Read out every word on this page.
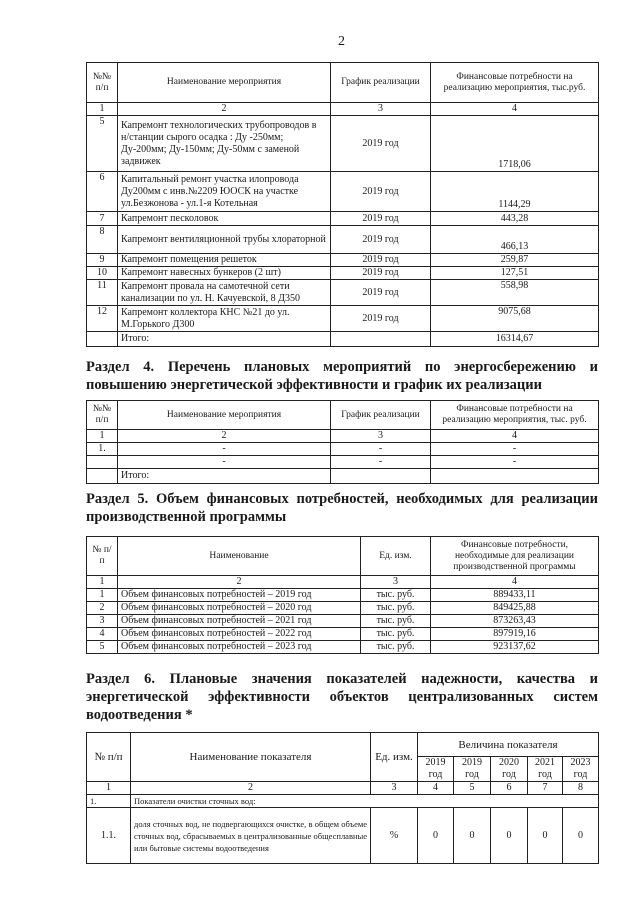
2
№№ п/п	Наименование мероприятия	График реализации	Финансовые потребности на реализацию мероприятия, тыс.руб.
1	2	3	4
5	Капремонт технологических трубопроводов в н/станции сырого осадка : Ду -250мм; Ду-200мм; Ду-150мм; Ду-50мм с заменой задвижек	2019 год	1718,06
6	Капитальный ремонт участка илопровода Ду200мм с инв.№2209 ЮОСК на участке ул.Безжонова - ул.1-я Котельная	2019 год	1144,29
7	Капремонт песколовок	2019 год	443,28
8	Капремонт вентиляционной трубы хлораторной	2019 год	466,13
9	Капремонт помещения решеток	2019 год	259,87
10	Капремонт навесных бункеров (2 шт)	2019 год	127,51
11	Капремонт провала на самотечной сети канализации по ул. Н. Качуевской, 8 Д350	2019 год	558,98
12	Капремонт коллектора КНС №21 до ул. М.Горького Д300	2019 год	9075,68
	Итого:		16314,67
Раздел 4. Перечень плановых мероприятий по энергосбережению и повышению энергетической эффективности и график их реализации
№№ п/п	Наименование мероприятия	График реализации	Финансовые потребности на реализацию мероприятия, тыс. руб.
1	2	3	4
1.	-	-	-
	-	-	-
	Итого:		
Раздел 5. Объем финансовых потребностей, необходимых для реализации производственной программы
№ п/п	Наименование	Ед. изм.	Финансовые потребности, необходимые для реализации производственной программы
1	2	3	4
1	Объем финансовых потребностей – 2019 год	тыс. руб.	889433,11
2	Объем финансовых потребностей – 2020 год	тыс. руб.	849425,88
3	Объем финансовых потребностей – 2021 год	тыс. руб.	873263,43
4	Объем финансовых потребностей – 2022 год	тыс. руб.	897919,16
5	Объем финансовых потребностей – 2023 год	тыс. руб.	923137,62
Раздел 6. Плановые значения показателей надежности, качества и энергетической эффективности объектов централизованных систем водоотведения *
№ п/п	Наименование показателя	Ед. изм.	Величина показателя				
			2019 год	2019 год	2020 год	2021 год	2023 год
1	2	3	4	5	6	7	8
1.	Показатели очистки сточных вод:						
1.1.	доля сточных вод, не подвергающихся очистке, в общем объеме сточных вод, сбрасываемых в централизованные общесплавные или бытовые системы водоотведения	%	0	0	0	0	0
